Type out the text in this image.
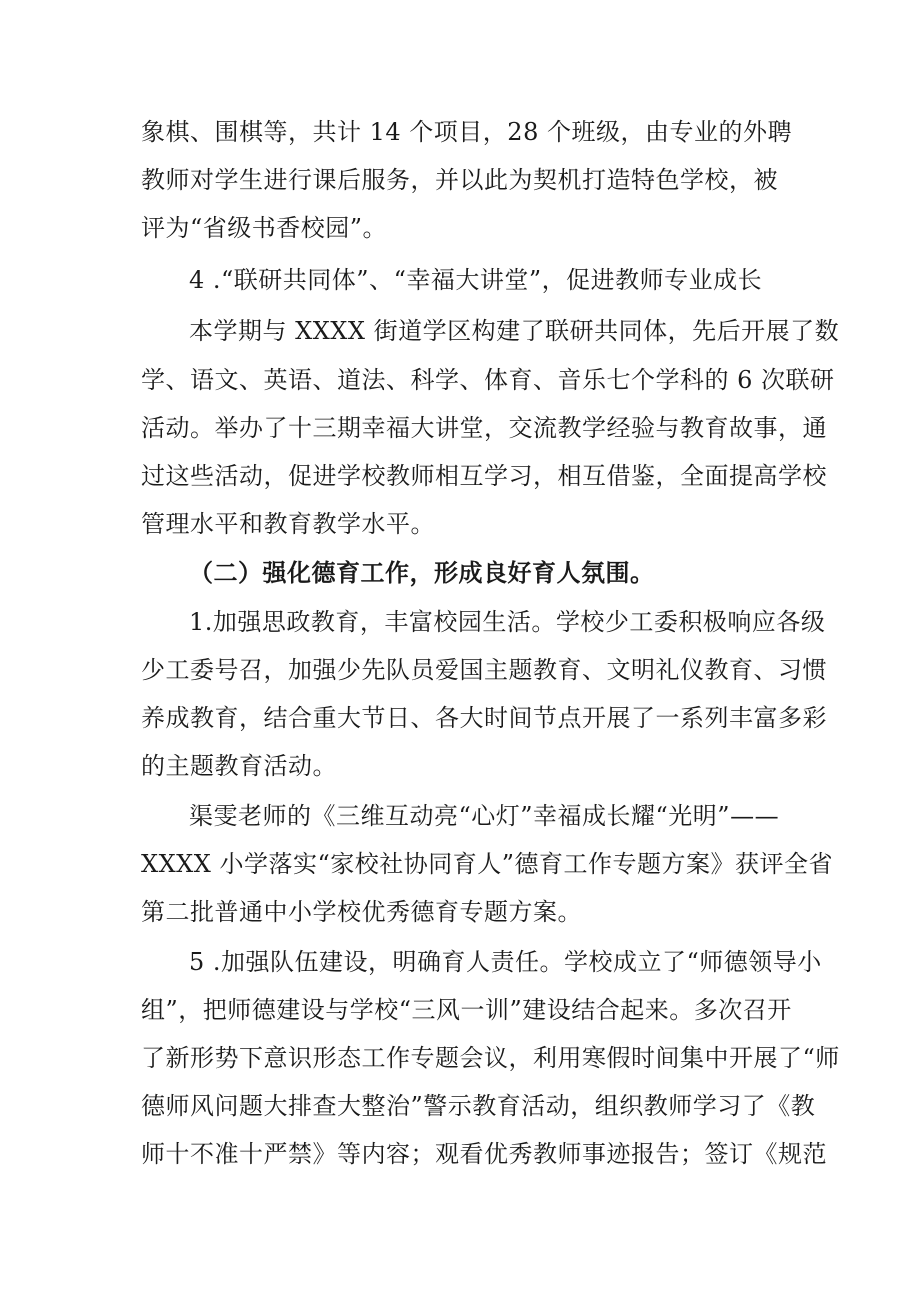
象棋、围棋等，共计 14 个项目，28 个班级，由专业的外聘
教师对学生进行课后服务，并以此为契机打造特色学校，被
评为“省级书香校园”。
4 .“联研共同体”、“幸福大讲堂”，促进教师专业成长
本学期与 XXXX 街道学区构建了联研共同体，先后开展了数
学、语文、英语、道法、科学、体育、音乐七个学科的 6 次联研
活动。举办了十三期幸福大讲堂，交流教学经验与教育故事，通
过这些活动，促进学校教师相互学习，相互借鉴，全面提高学校
管理水平和教育教学水平。
（二）强化德育工作，形成良好育人氛围。
1.加强思政教育，丰富校园生活。学校少工委积极响应各级
少工委号召，加强少先队员爱国主题教育、文明礼仪教育、习惯
养成教育，结合重大节日、各大时间节点开展了一系列丰富多彩
的主题教育活动。
渠雯老师的《三维互动亮“心灯”幸福成长耀“光明”——
XXXX 小学落实“家校社协同育人”德育工作专题方案》获评全省
第二批普通中小学校优秀德育专题方案。
5 .加强队伍建设，明确育人责任。学校成立了“师德领导小
组”，把师德建设与学校“三风一训”建设结合起来。多次召开
了新形势下意识形态工作专题会议，利用寒假时间集中开展了“师
德师风问题大排查大整治”警示教育活动，组织教师学习了《教
师十不准十严禁》等内容；观看优秀教师事迹报告；签订《规范
